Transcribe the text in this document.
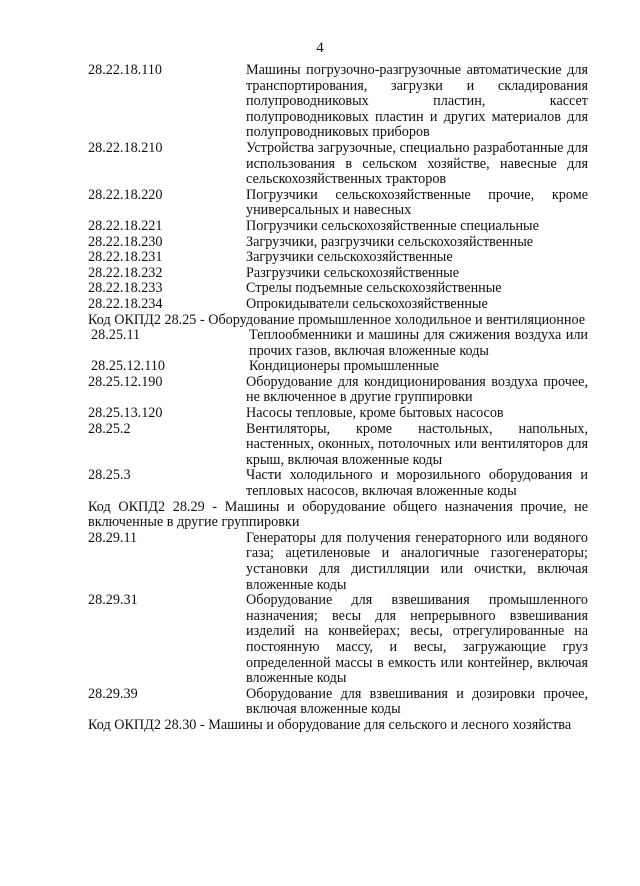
4
28.22.18.110	Машины погрузочно-разгрузочные автоматические для транспортирования, загрузки и складирования полупроводниковых пластин, кассет полупроводниковых пластин и других материалов для полупроводниковых приборов
28.22.18.210	Устройства загрузочные, специально разработанные для использования в сельском хозяйстве, навесные для сельскохозяйственных тракторов
28.22.18.220	Погрузчики сельскохозяйственные прочие, кроме универсальных и навесных
28.22.18.221	Погрузчики сельскохозяйственные специальные
28.22.18.230	Загрузчики, разгрузчики сельскохозяйственные
28.22.18.231	Загрузчики сельскохозяйственные
28.22.18.232	Разгрузчики сельскохозяйственные
28.22.18.233	Стрелы подъемные сельскохозяйственные
28.22.18.234	Опрокидыватели сельскохозяйственные
Код ОКПД2 28.25 - Оборудование промышленное холодильное и вентиляционное
28.25.11	Теплообменники и машины для сжижения воздуха или прочих газов, включая вложенные коды
28.25.12.110	Кондиционеры промышленные
28.25.12.190	Оборудование для кондиционирования воздуха прочее, не включенное в другие группировки
28.25.13.120	Насосы тепловые, кроме бытовых насосов
28.25.2	Вентиляторы, кроме настольных, напольных, настенных, оконных, потолочных или вентиляторов для крыш, включая вложенные коды
28.25.3	Части холодильного и морозильного оборудования и тепловых насосов, включая вложенные коды
Код ОКПД2 28.29 - Машины и оборудование общего назначения прочие, не включенные в другие группировки
28.29.11	Генераторы для получения генераторного или водяного газа; ацетиленовые и аналогичные газогенераторы; установки для дистилляции или очистки, включая вложенные коды
28.29.31	Оборудование для взвешивания промышленного назначения; весы для непрерывного взвешивания изделий на конвейерах; весы, отрегулированные на постоянную массу, и весы, загружающие груз определенной массы в емкость или контейнер, включая вложенные коды
28.29.39	Оборудование для взвешивания и дозировки прочее, включая вложенные коды
Код ОКПД2 28.30 - Машины и оборудование для сельского и лесного хозяйства
